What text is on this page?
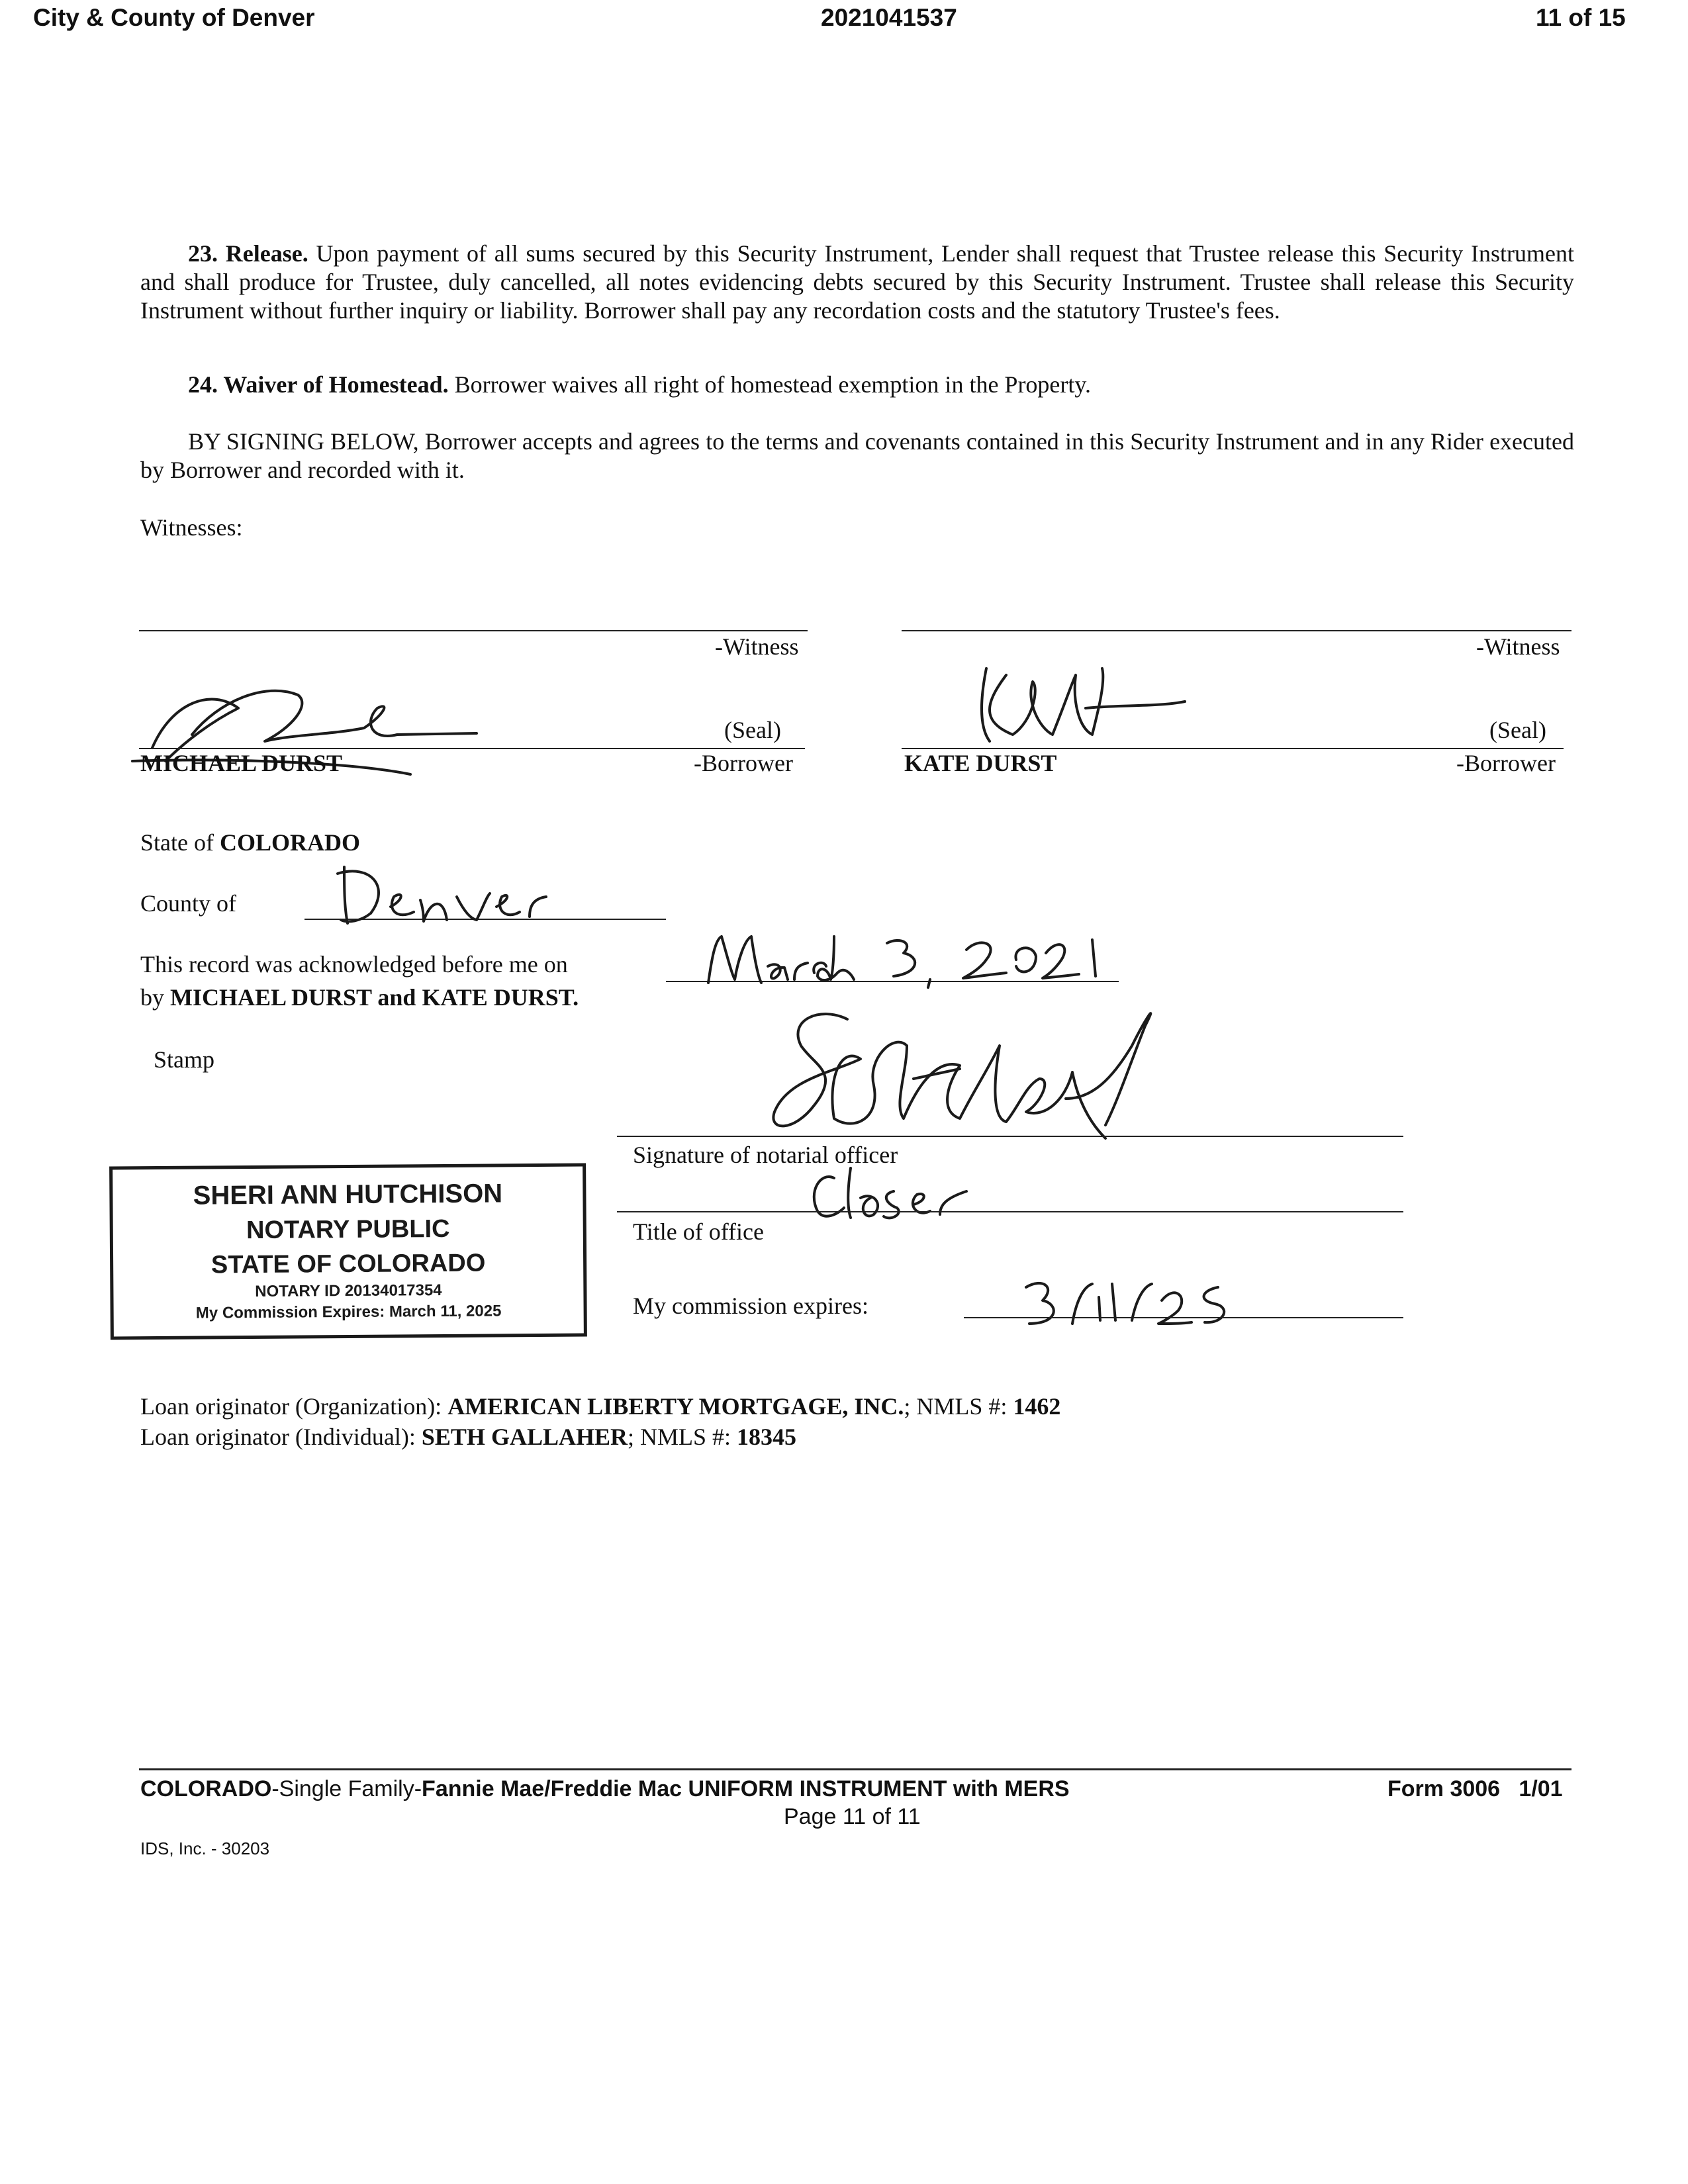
City & County of Denver	2021041537	11 of 15
23. Release. Upon payment of all sums secured by this Security Instrument, Lender shall request that Trustee release this Security Instrument and shall produce for Trustee, duly cancelled, all notes evidencing debts secured by this Security Instrument. Trustee shall release this Security Instrument without further inquiry or liability. Borrower shall pay any recordation costs and the statutory Trustee's fees.
24. Waiver of Homestead. Borrower waives all right of homestead exemption in the Property.
BY SIGNING BELOW, Borrower accepts and agrees to the terms and covenants contained in this Security Instrument and in any Rider executed by Borrower and recorded with it.
Witnesses:
-Witness	-Witness
(Seal)
MICHAEL DURST	-Borrower
(Seal)
KATE DURST	-Borrower
State of COLORADO
County of
This record was acknowledged before me on
by MICHAEL DURST and KATE DURST.
Stamp
Signature of notarial officer
Title of office
My commission expires:
SHERI ANN HUTCHISON
NOTARY PUBLIC
STATE OF COLORADO
NOTARY ID 20134017354
My Commission Expires: March 11, 2025
Loan originator (Organization): AMERICAN LIBERTY MORTGAGE, INC.; NMLS #: 1462
Loan originator (Individual): SETH GALLAHER; NMLS #: 18345
COLORADO-Single Family-Fannie Mae/Freddie Mac UNIFORM INSTRUMENT with MERS	Form 3006   1/01
Page 11 of 11
IDS, Inc. - 30203
